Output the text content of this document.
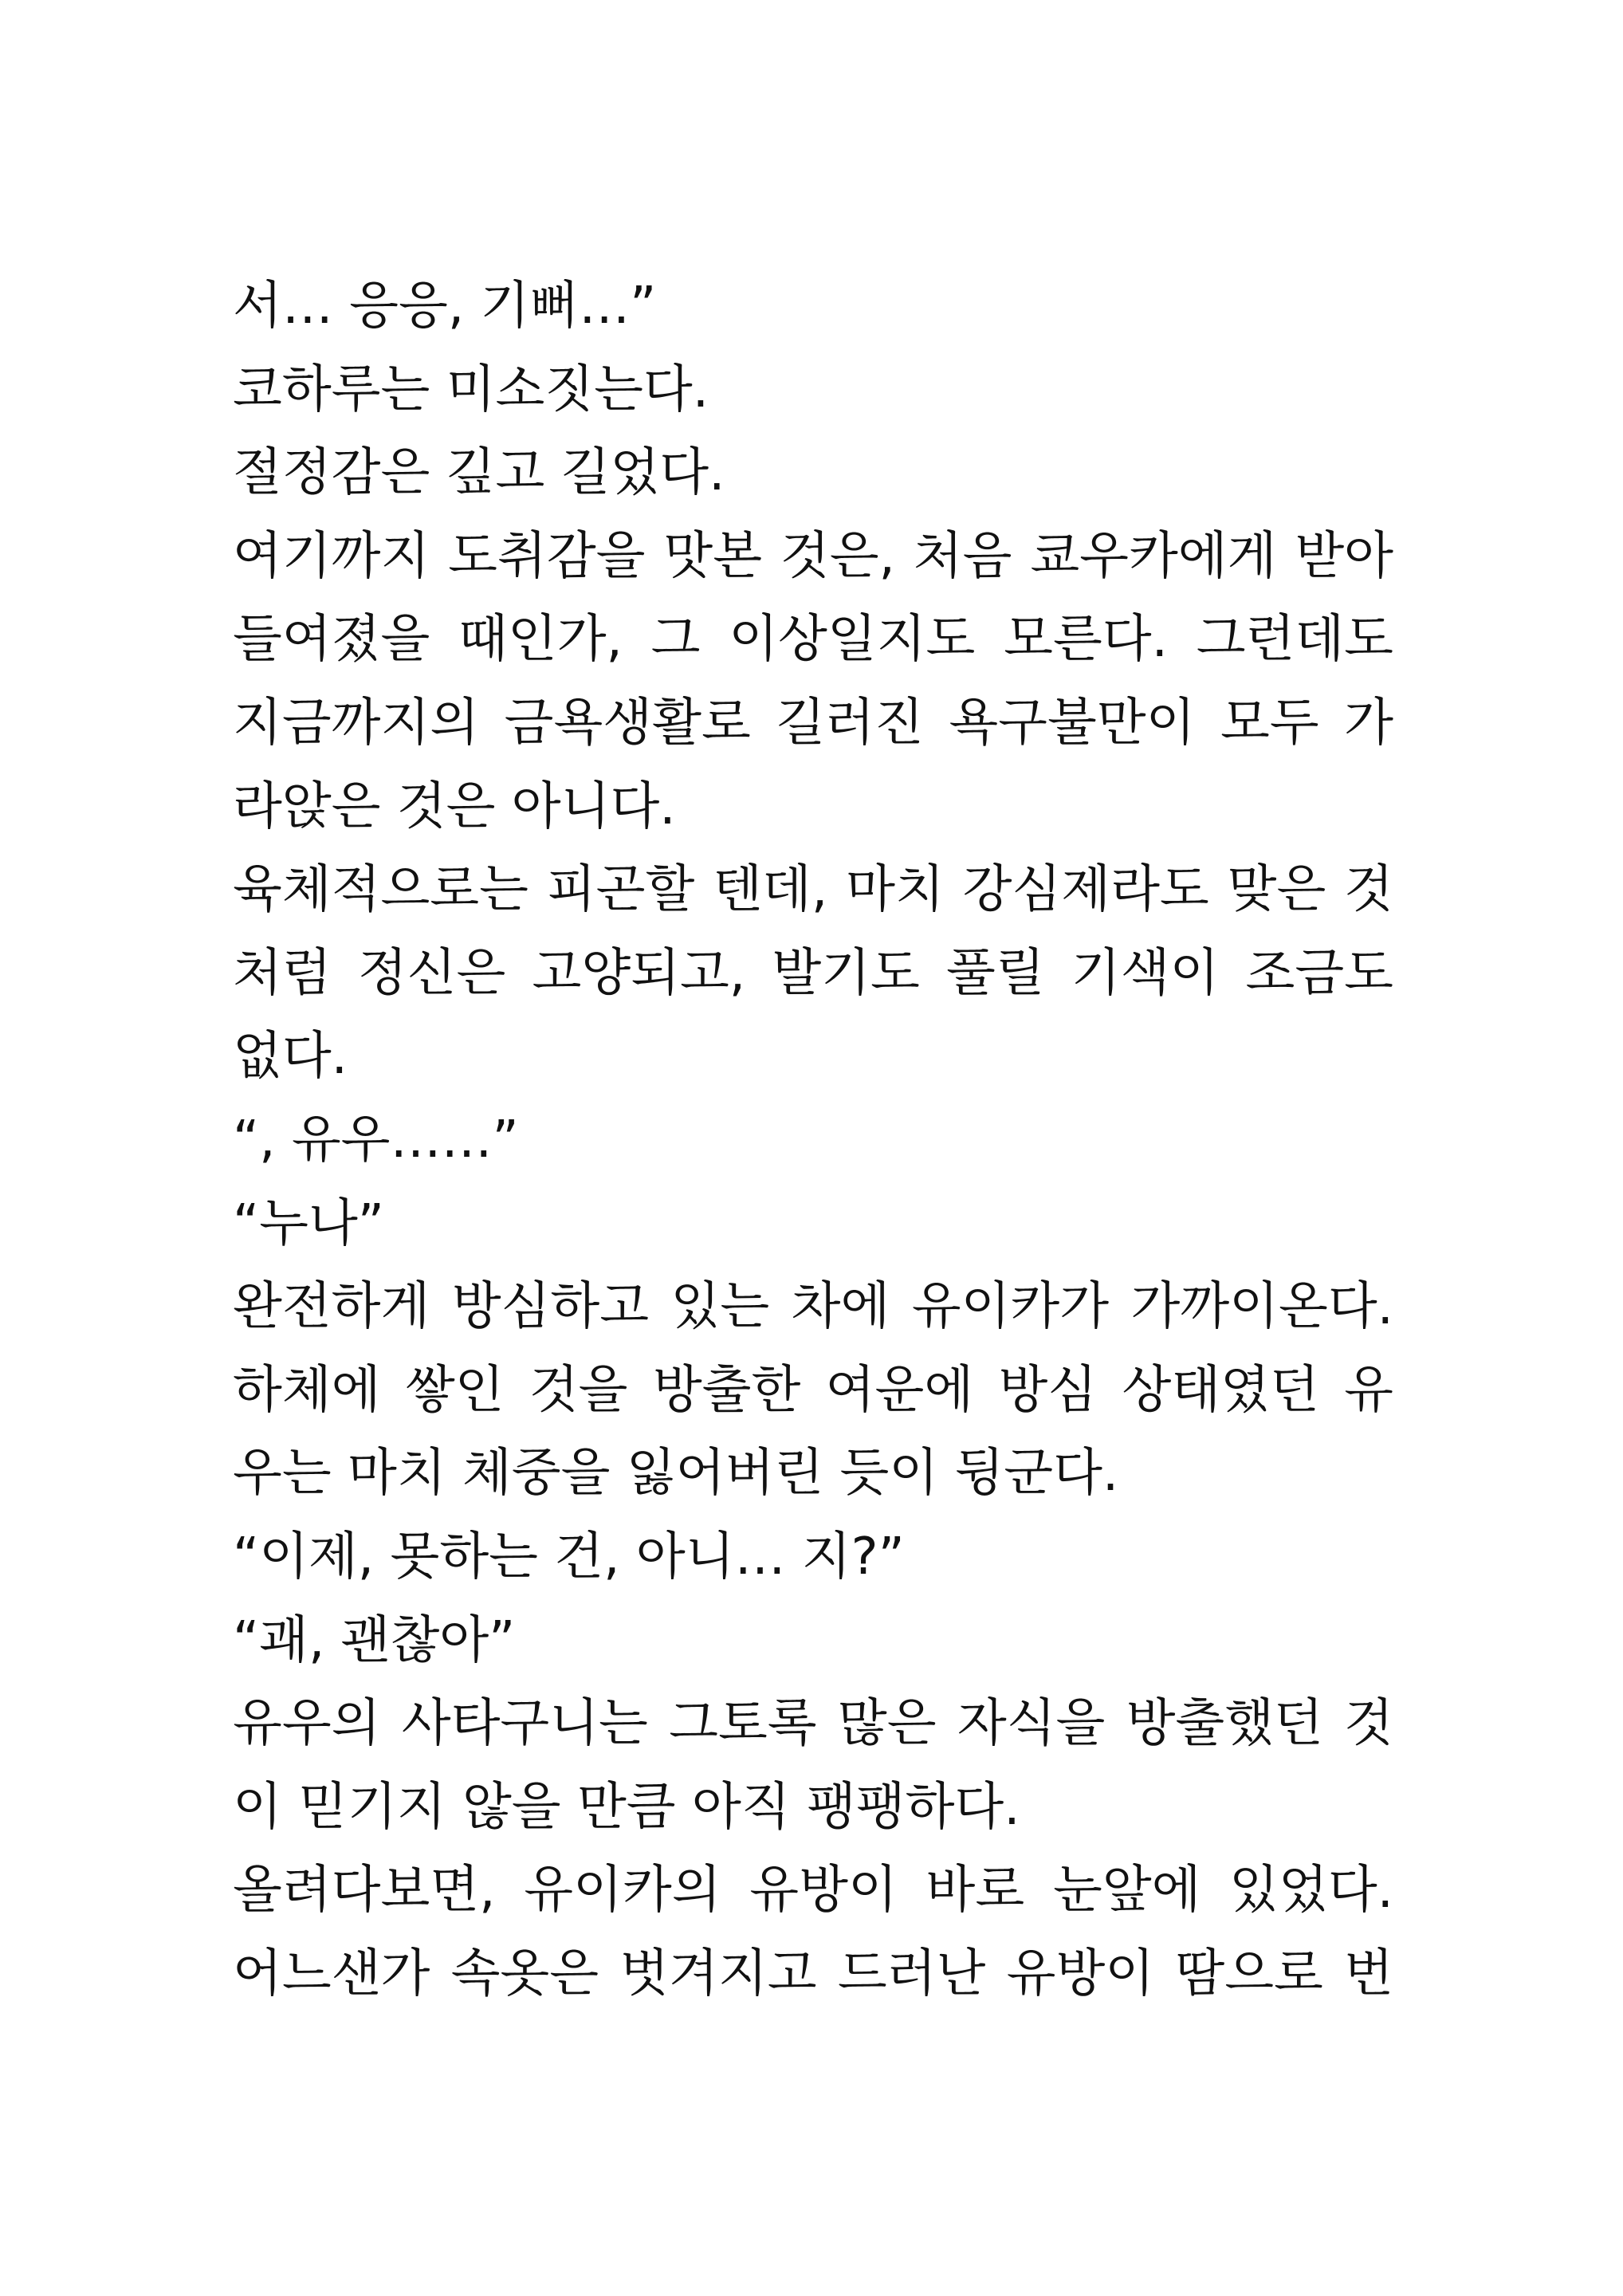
서… 응응, 기뻐…”
코하루는 미소짓는다.
절정감은 깊고 길었다.
여기까지 도취감을 맛본 것은, 처음 쿄우카에게 받아
들여졌을 때인가, 그 이상일지도 모른다. 그런데도
지금까지의 금욕생활로 길러진 욕구불만이 모두 가
라앉은 것은 아니다.
육체적으로는 피곤할 텐데, 마치 강심제라도 맞은 것
처럼 정신은 고양되고, 발기도 풀릴 기색이 조금도
없다.
“, 유우……”
“누나”
완전하게 방심하고 있는 차에 유이카가 가까이온다.
하체에 쌓인 것을 방출한 여운에 방심 상태였던 유
우는 마치 체중을 잃어버린 듯이 뒹군다.
“이제, 못하는 건, 아니… 지?”
“괘, 괜찮아”
유우의 사타구니는 그토록 많은 자식을 방출했던 것
이 믿기지 않을 만큼 아직 팽팽하다.
올려다보면, 유이카의 유방이 바로 눈앞에 있었다.
어느샌가 속옷은 벗겨지고 드러난 유방이 땀으로 번
